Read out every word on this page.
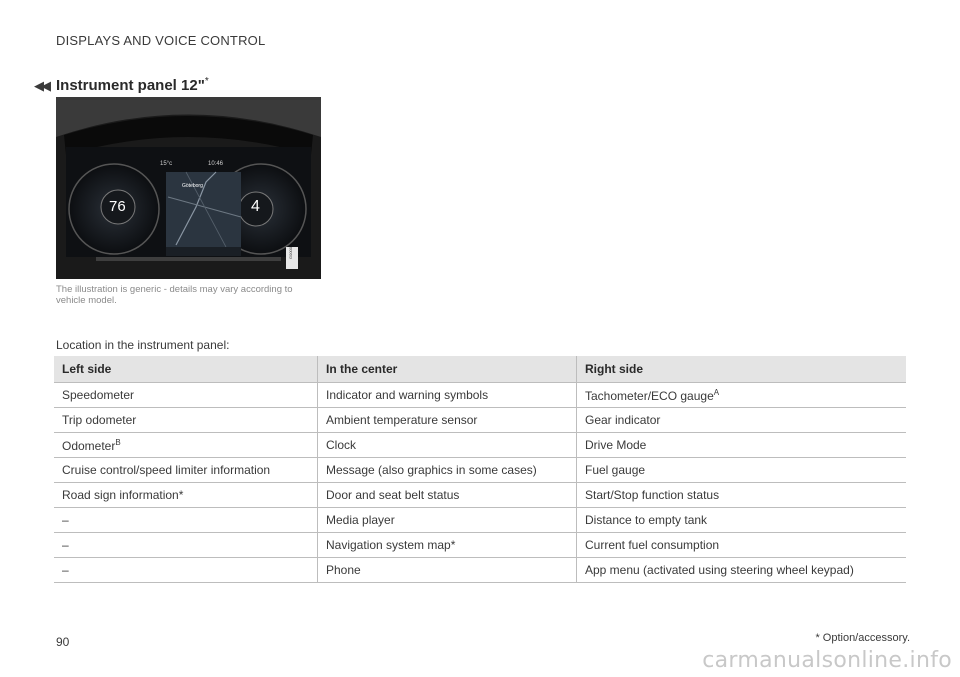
DISPLAYS AND VOICE CONTROL
◀◀ Instrument panel 12"*
76	4
15°c	10:46
Göteborg
G0000
The illustration is generic - details may vary according to vehicle model.
Location in the instrument panel:
Left side	In the center	Right side
Speedometer	Indicator and warning symbols	Tachometer/ECO gauge$^A$
Trip odometer	Ambient temperature sensor	Gear indicator
Odometer$^B$	Clock	Drive Mode
Cruise control/speed limiter information	Message (also graphics in some cases)	Fuel gauge
Road sign information*	Door and seat belt status	Start/Stop function status
–	Media player	Distance to empty tank
–	Navigation system map*	Current fuel consumption
–	Phone	App menu (activated using steering wheel keypad)
90	* Option/accessory.
carmanualsonline.info
